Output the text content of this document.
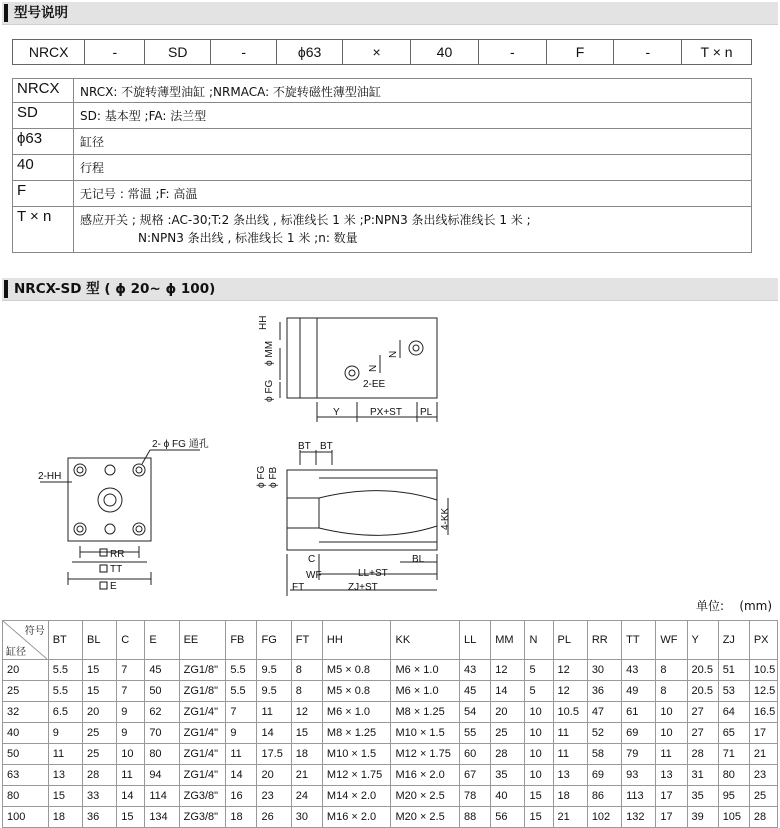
型号说明
NRCX	-	SD	-	ϕ63	×	40	-	F	-	T × n
NRCX	NRCX: 不旋转薄型油缸 ;NRMACA: 不旋转磁性薄型油缸
SD	SD: 基本型 ;FA: 法兰型
ϕ63	缸径
40	行程
F	无记号 : 常温 ;F: 高温
T × n	感应开关 ; 规格 :AC-30;T:2 条出线 , 标准线长 1 米 ;P:NPN3 条出线标准线长 1 米 ;
N:NPN3 条出线 , 标准线长 1 米 ;n: 数量
NRCX-SD 型 ( ϕ 20~ ϕ 100)
HH
ϕ MM
ϕ FG
N
N
2-EE
Y	PX+ST PL
2- ϕ FG 通孔
2-HH
RR
TT
E
BT BT
ϕ FG ϕ FB
4-KK
BL
C
WF	LL+ST
FT	ZJ+ST
单位: (mm)
符号
缸径	BT	BL	C	E	EE	FB	FG	FT	HH	KK	LL	MM	N	PL	RR	TT	WF	Y	ZJ	PX
20	5.5	15	7	45	ZG1/8"	5.5	9.5	8	M5 × 0.8	M6 × 1.0	43	12	5	12	30	43	8	20.5	51	10.5
25	5.5	15	7	50	ZG1/8"	5.5	9.5	8	M5 × 0.8	M6 × 1.0	45	14	5	12	36	49	8	20.5	53	12.5
32	6.5	20	9	62	ZG1/4"	7	11	12	M6 × 1.0	M8 × 1.25	54	20	10	10.5	47	61	10	27	64	16.5
40	9	25	9	70	ZG1/4"	9	14	15	M8 × 1.25	M10 × 1.5	55	25	10	11	52	69	10	27	65	17
50	11	25	10	80	ZG1/4"	11	17.5	18	M10 × 1.5	M12 × 1.75	60	28	10	11	58	79	11	28	71	21
63	13	28	11	94	ZG1/4"	14	20	21	M12 × 1.75	M16 × 2.0	67	35	10	13	69	93	13	31	80	23
80	15	33	14	114	ZG3/8"	16	23	24	M14 × 2.0	M20 × 2.5	78	40	15	18	86	113	17	35	95	25
100	18	36	15	134	ZG3/8"	18	26	30	M16 × 2.0	M20 × 2.5	88	56	15	21	102	132	17	39	105	28
